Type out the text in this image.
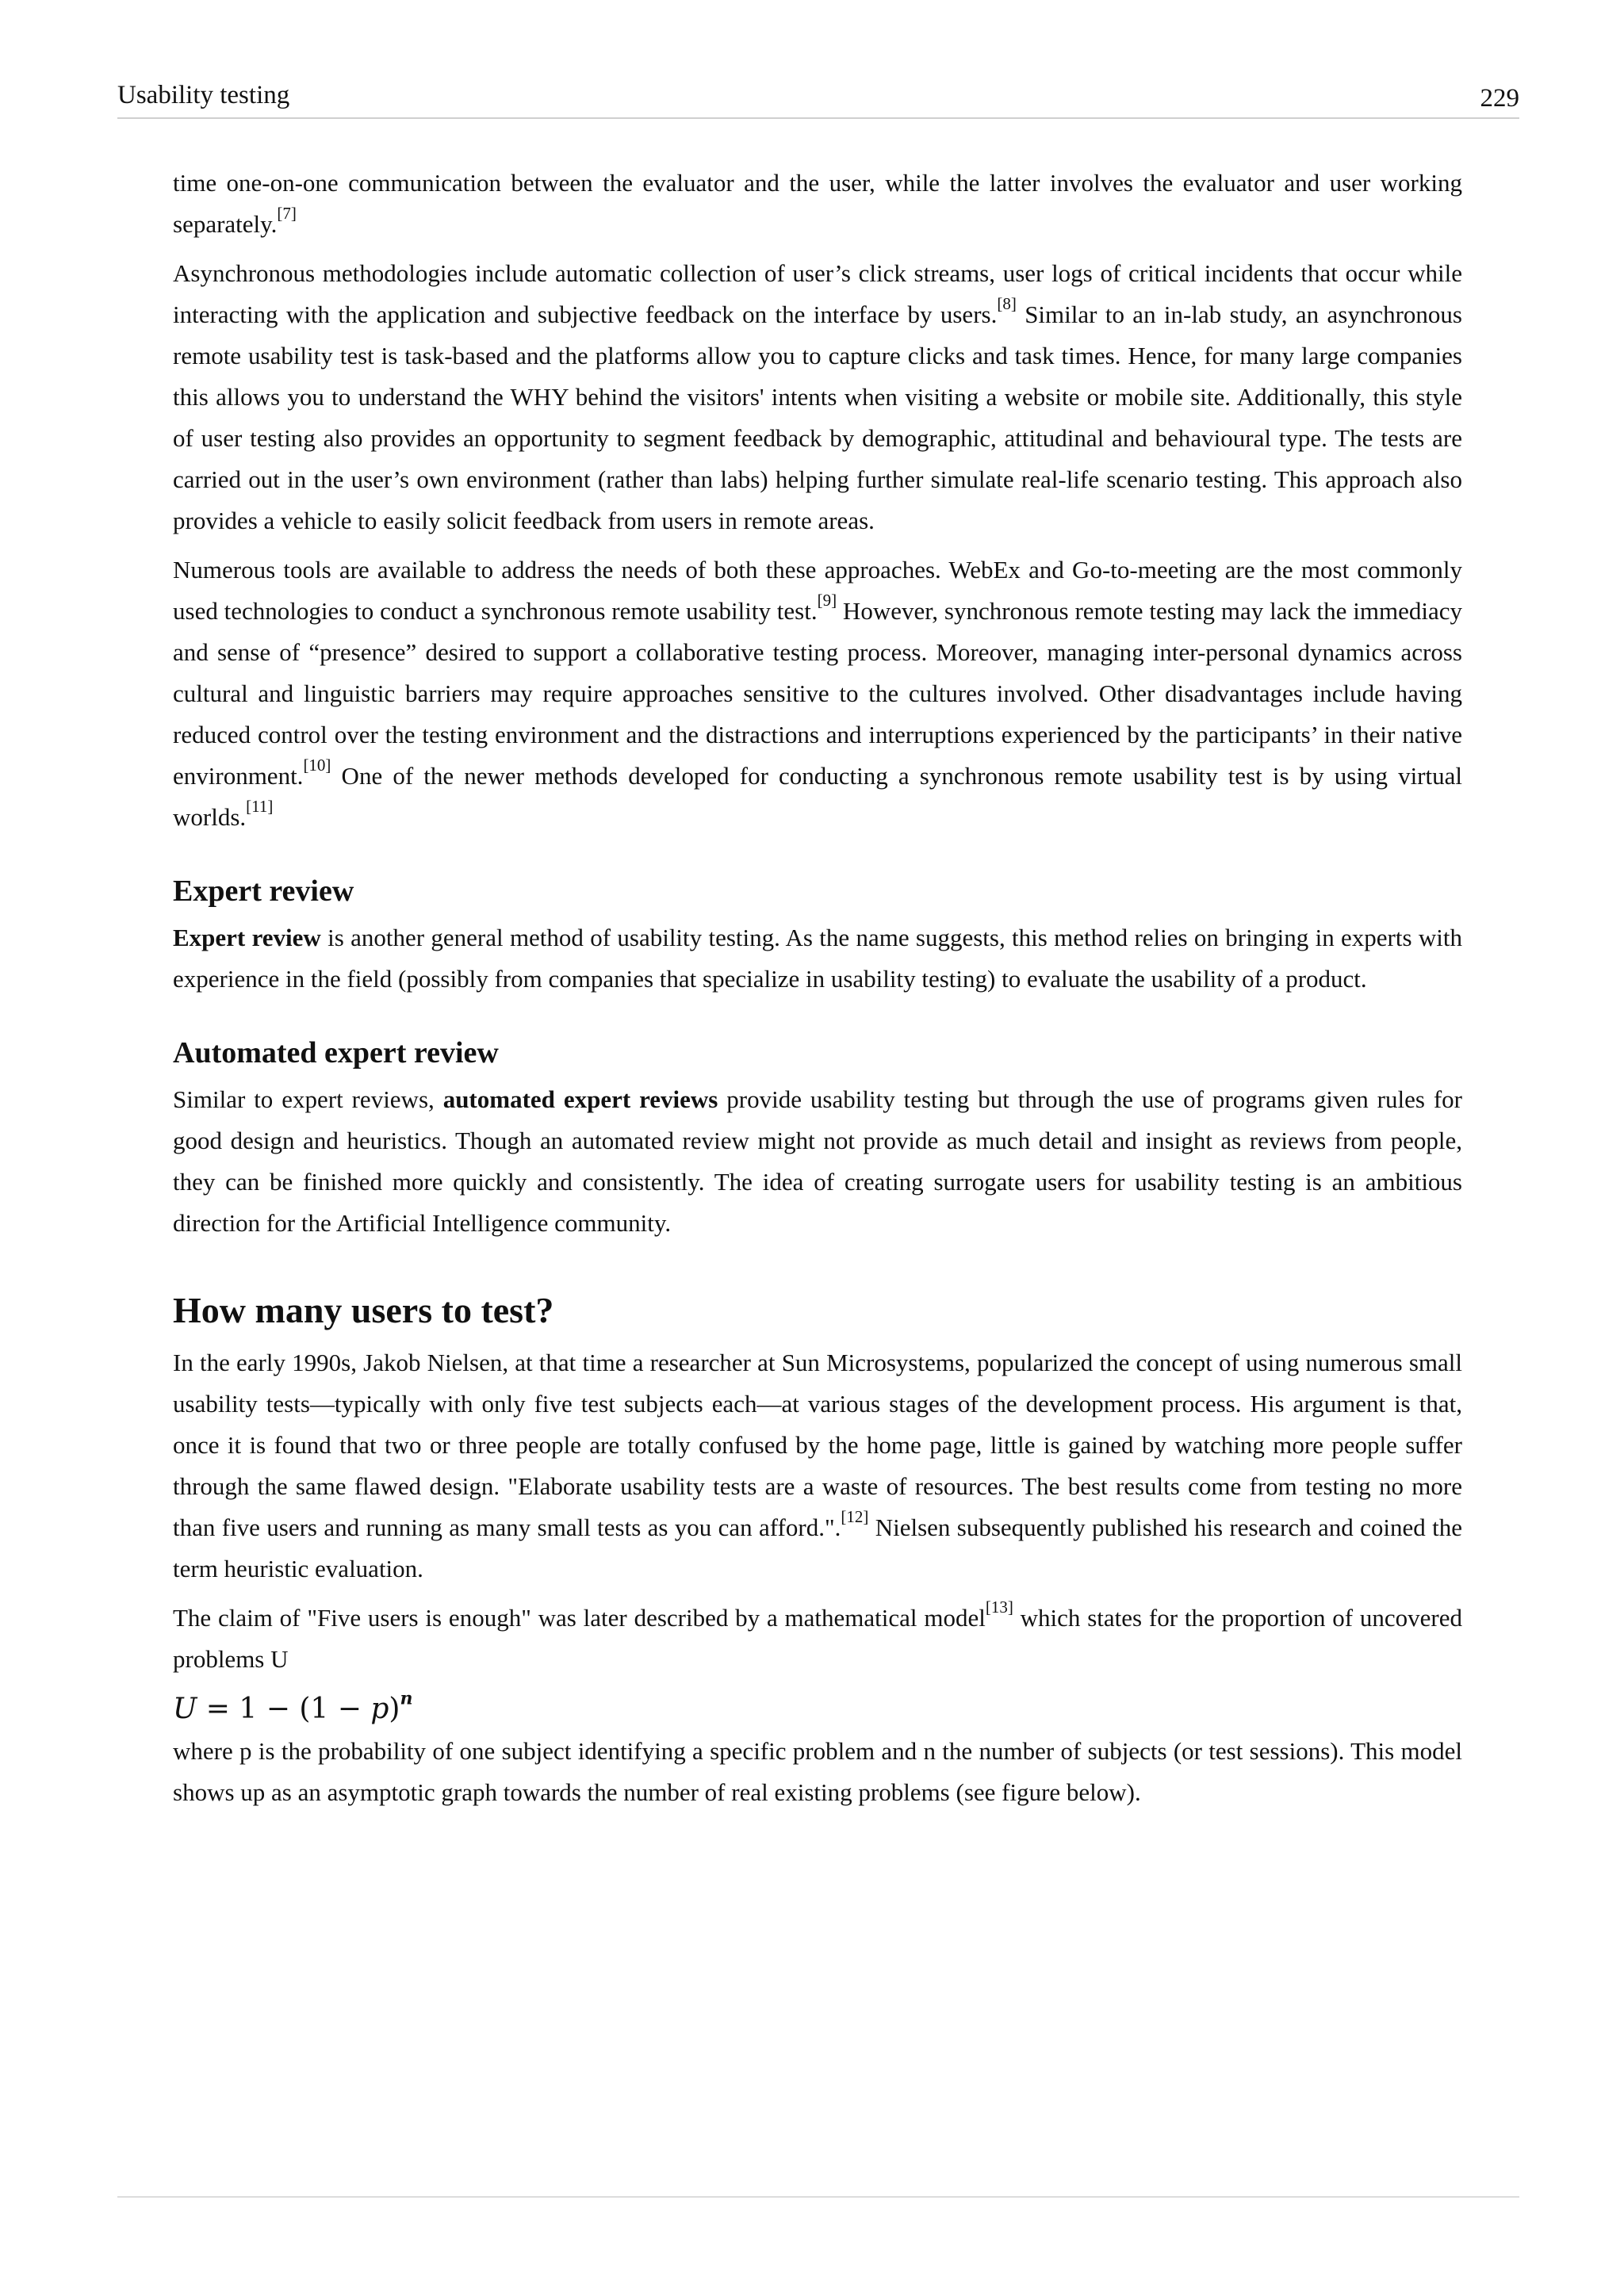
Usability testing	229

time one-on-one communication between the evaluator and the user, while the latter involves the evaluator and user working separately.[7]

Asynchronous methodologies include automatic collection of user’s click streams, user logs of critical incidents that occur while interacting with the application and subjective feedback on the interface by users.[8] Similar to an in-lab study, an asynchronous remote usability test is task-based and the platforms allow you to capture clicks and task times. Hence, for many large companies this allows you to understand the WHY behind the visitors' intents when visiting a website or mobile site. Additionally, this style of user testing also provides an opportunity to segment feedback by demographic, attitudinal and behavioural type. The tests are carried out in the user’s own environment (rather than labs) helping further simulate real-life scenario testing. This approach also provides a vehicle to easily solicit feedback from users in remote areas.

Numerous tools are available to address the needs of both these approaches. WebEx and Go-to-meeting are the most commonly used technologies to conduct a synchronous remote usability test.[9] However, synchronous remote testing may lack the immediacy and sense of “presence” desired to support a collaborative testing process. Moreover, managing inter-personal dynamics across cultural and linguistic barriers may require approaches sensitive to the cultures involved. Other disadvantages include having reduced control over the testing environment and the distractions and interruptions experienced by the participants’ in their native environment.[10] One of the newer methods developed for conducting a synchronous remote usability test is by using virtual worlds.[11]

Expert review

Expert review is another general method of usability testing. As the name suggests, this method relies on bringing in experts with experience in the field (possibly from companies that specialize in usability testing) to evaluate the usability of a product.

Automated expert review

Similar to expert reviews, automated expert reviews provide usability testing but through the use of programs given rules for good design and heuristics. Though an automated review might not provide as much detail and insight as reviews from people, they can be finished more quickly and consistently. The idea of creating surrogate users for usability testing is an ambitious direction for the Artificial Intelligence community.

How many users to test?

In the early 1990s, Jakob Nielsen, at that time a researcher at Sun Microsystems, popularized the concept of using numerous small usability tests—typically with only five test subjects each—at various stages of the development process. His argument is that, once it is found that two or three people are totally confused by the home page, little is gained by watching more people suffer through the same flawed design. "Elaborate usability tests are a waste of resources. The best results come from testing no more than five users and running as many small tests as you can afford.".[12] Nielsen subsequently published his research and coined the term heuristic evaluation.

The claim of "Five users is enough" was later described by a mathematical model[13] which states for the proportion of uncovered problems U

$U = 1 - (1 - p)^n$

where p is the probability of one subject identifying a specific problem and n the number of subjects (or test sessions). This model shows up as an asymptotic graph towards the number of real existing problems (see figure below).
